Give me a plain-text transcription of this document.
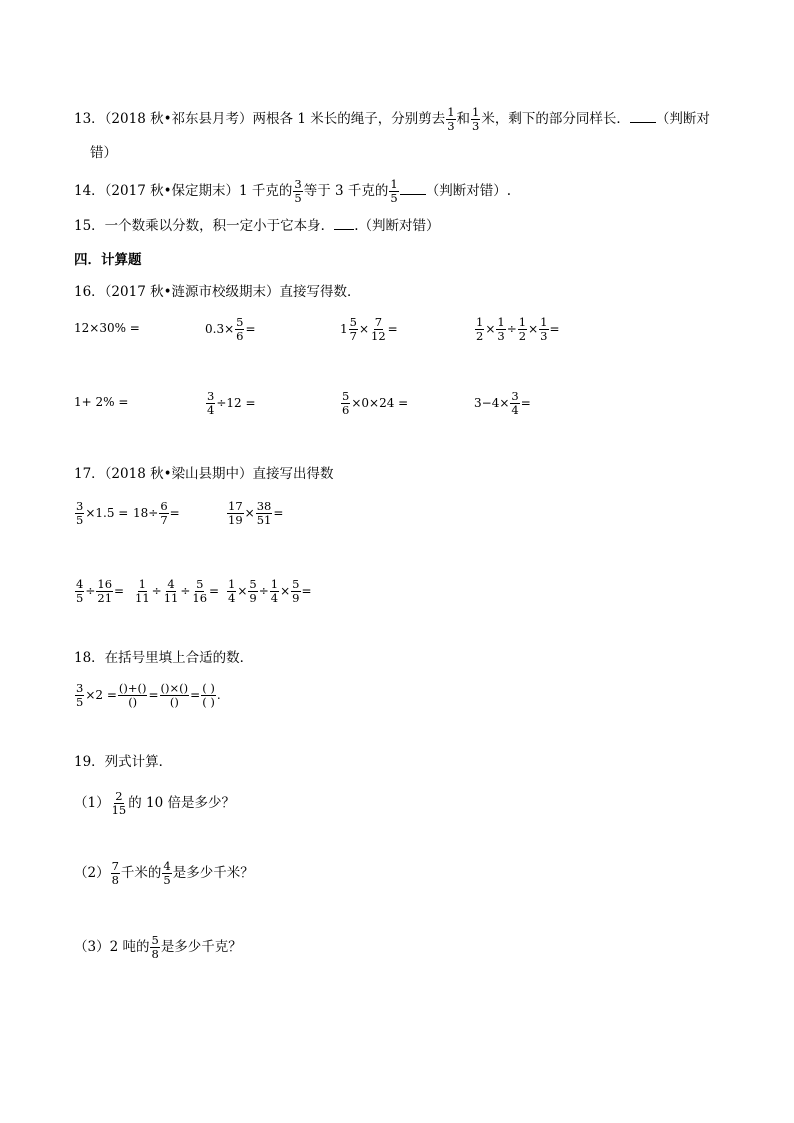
13．（2018 秋•祁东县月考）两根各 1 米长的绳子，分别剪去 $\frac{1}{3}$ 和 $\frac{1}{3}$ 米，剩下的部分同样长． （判断对
错）
14．（2017 秋•保定期末）1 千克的 $\frac{3}{5}$ 等于 3 千克的 $\frac{1}{5}$ （判断对错）.
15．一个数乘以分数，积一定小于它本身． .（判断对错）
四．计算题
16．（2017 秋•涟源市校级期末）直接写得数．
12×30% =	$0.3\times \frac{5}{6}$ =	$1 \frac{5}{7} \times \frac{7}{12}$ =	$\frac{1}{2} \times \frac{1}{3} \div \frac{1}{2} \times \frac{1}{3}$ =
1+ 2% =	$\frac{3}{4} \div 12$ =	$\frac{5}{6} \times 0\times 24$ =	$3-4\times \frac{3}{4}$ =
17．（2018 秋•梁山县期中）直接写出得数
$\frac{3}{5} \times 1.5 = 18\div \frac{6}{7}$ =	$\frac{17}{19} \times \frac{38}{51}$ =
$\frac{4}{5} \div \frac{16}{21} = \frac{1}{11} \div \frac{4}{11} \div \frac{5}{16} = \frac{1}{4} \times \frac{5}{9} \div \frac{1}{4} \times \frac{5}{9}$ =
18．在括号里填上合适的数．
$\frac{3}{5} \times 2 = \frac{()+()}{()} = \frac{()\times()}{()} = \frac{( )}{( )}$ .
19．列式计算．
$(1) \frac{2}{15}$ 的 10 倍是多少？
$(2) \frac{7}{8}$ 千米的 $\frac{4}{5}$ 是多少千米？
（3）2 吨的 $\frac{5}{8}$ 是多少千克？
